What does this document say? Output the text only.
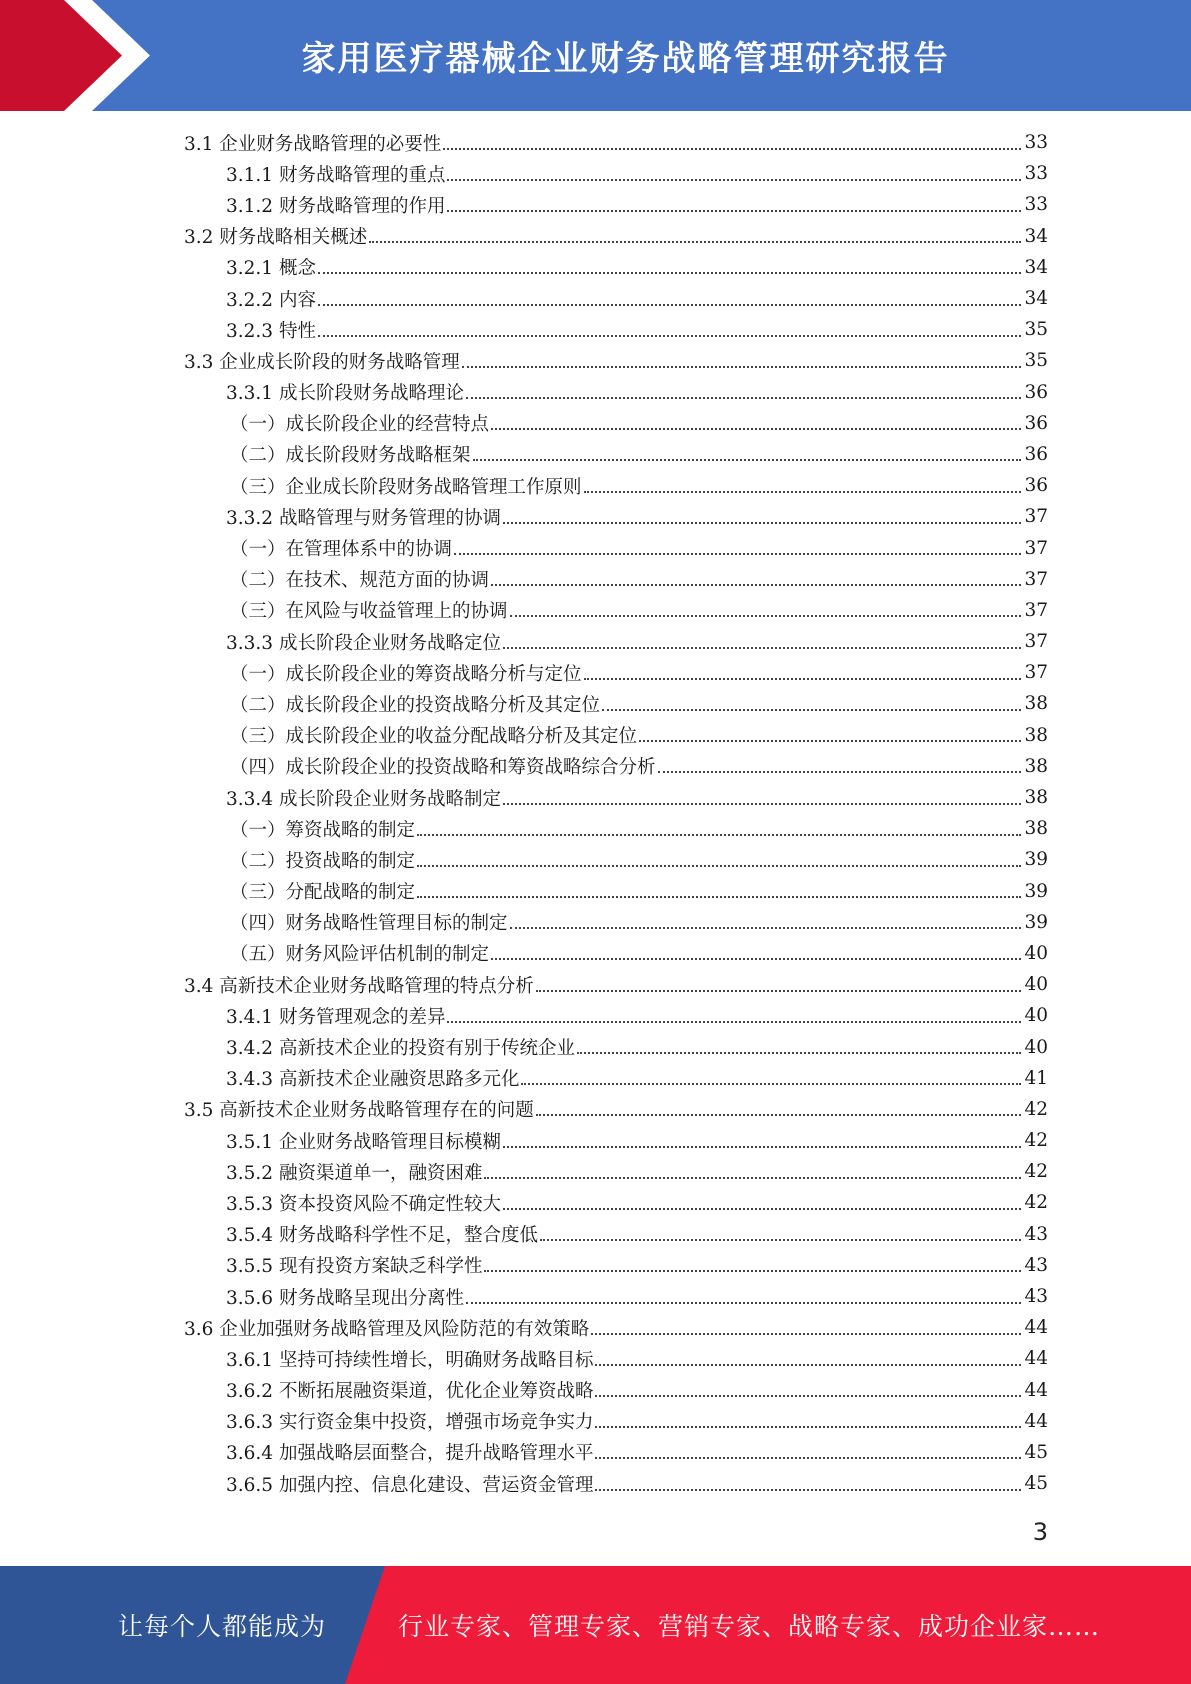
家用医疗器械企业财务战略管理研究报告
3.1 企业财务战略管理的必要性	33
3.1.1 财务战略管理的重点	33
3.1.2 财务战略管理的作用	33
3.2 财务战略相关概述	34
3.2.1 概念	34
3.2.2 内容	34
3.2.3 特性	35
3.3 企业成长阶段的财务战略管理	35
3.3.1 成长阶段财务战略理论	36
（一）成长阶段企业的经营特点	36
（二）成长阶段财务战略框架	36
（三）企业成长阶段财务战略管理工作原则	36
3.3.2 战略管理与财务管理的协调	37
（一）在管理体系中的协调	37
（二）在技术、规范方面的协调	37
（三）在风险与收益管理上的协调	37
3.3.3 成长阶段企业财务战略定位	37
（一）成长阶段企业的筹资战略分析与定位	37
（二）成长阶段企业的投资战略分析及其定位	38
（三）成长阶段企业的收益分配战略分析及其定位	38
（四）成长阶段企业的投资战略和筹资战略综合分析	38
3.3.4 成长阶段企业财务战略制定	38
（一）筹资战略的制定	38
（二）投资战略的制定	39
（三）分配战略的制定	39
（四）财务战略性管理目标的制定	39
（五）财务风险评估机制的制定	40
3.4 高新技术企业财务战略管理的特点分析	40
3.4.1 财务管理观念的差异	40
3.4.2 高新技术企业的投资有别于传统企业	40
3.4.3 高新技术企业融资思路多元化	41
3.5 高新技术企业财务战略管理存在的问题	42
3.5.1 企业财务战略管理目标模糊	42
3.5.2 融资渠道单一，融资困难	42
3.5.3 资本投资风险不确定性较大	42
3.5.4 财务战略科学性不足，整合度低	43
3.5.5 现有投资方案缺乏科学性	43
3.5.6 财务战略呈现出分离性	43
3.6 企业加强财务战略管理及风险防范的有效策略	44
3.6.1 坚持可持续性增长，明确财务战略目标	44
3.6.2 不断拓展融资渠道，优化企业筹资战略	44
3.6.3 实行资金集中投资，增强市场竞争实力	44
3.6.4 加强战略层面整合，提升战略管理水平	45
3.6.5 加强内控、信息化建设、营运资金管理	45
3
让每个人都能成为	行业专家、管理专家、营销专家、战略专家、成功企业家……
